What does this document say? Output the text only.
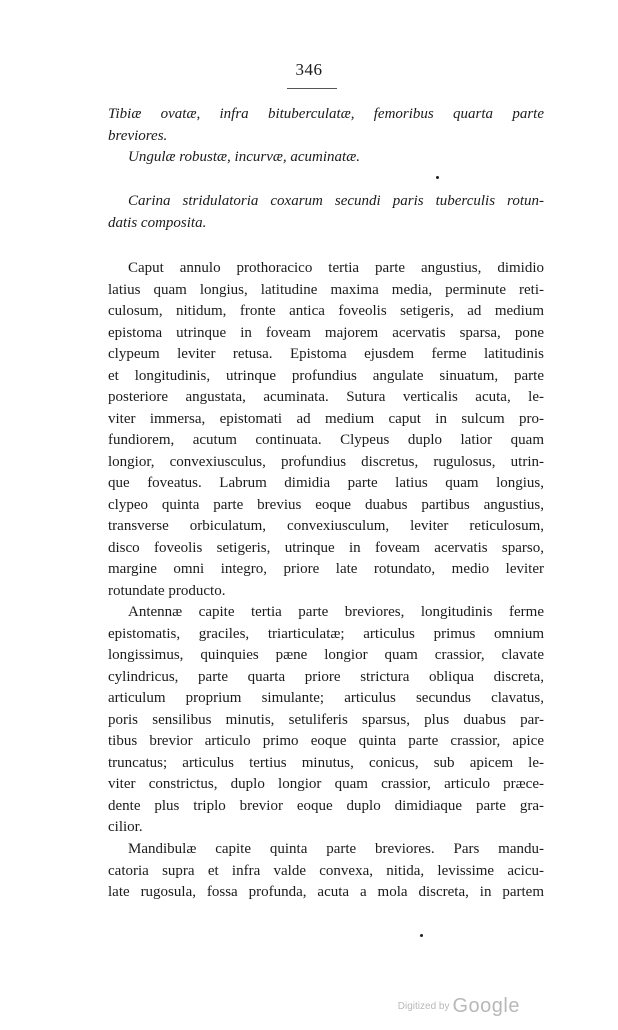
346
Tibiæ ovatæ, infra bituberculatæ, femoribus quarta parte
breviores.
Ungulæ robustæ, incurvæ, acuminatæ.
Carina stridulatoria coxarum secundi paris tuberculis rotun-
datis composita.
Caput annulo prothoracico tertia parte angustius, dimidio
latius quam longius, latitudine maxima media, perminute reti-
culosum, nitidum, fronte antica foveolis setigeris, ad medium
epistoma utrinque in foveam majorem acervatis sparsa, pone
clypeum leviter retusa. Epistoma ejusdem ferme latitudinis
et longitudinis, utrinque profundius angulate sinuatum, parte
posteriore angustata, acuminata. Sutura verticalis acuta, le-
viter immersa, epistomati ad medium caput in sulcum pro-
fundiorem, acutum continuata. Clypeus duplo latior quam
longior, convexiusculus, profundius discretus, rugulosus, utrin-
que foveatus. Labrum dimidia parte latius quam longius,
clypeo quinta parte brevius eoque duabus partibus angustius,
transverse orbiculatum, convexiusculum, leviter reticulosum,
disco foveolis setigeris, utrinque in foveam acervatis sparso,
margine omni integro, priore late rotundato, medio leviter
rotundate producto.
Antennæ capite tertia parte breviores, longitudinis ferme
epistomatis, graciles, triarticulatæ; articulus primus omnium
longissimus, quinquies pæne longior quam crassior, clavate
cylindricus, parte quarta priore strictura obliqua discreta,
articulum proprium simulante; articulus secundus clavatus,
poris sensilibus minutis, setuliferis sparsus, plus duabus par-
tibus brevior articulo primo eoque quinta parte crassior, apice
truncatus; articulus tertius minutus, conicus, sub apicem le-
viter constrictus, duplo longior quam crassior, articulo præce-
dente plus triplo brevior eoque duplo dimidiaque parte gra-
cilior.
Mandibulæ capite quinta parte breviores. Pars mandu-
catoria supra et infra valde convexa, nitida, levissime acicu-
late rugosula, fossa profunda, acuta a mola discreta, in partem
Digitized by Google
